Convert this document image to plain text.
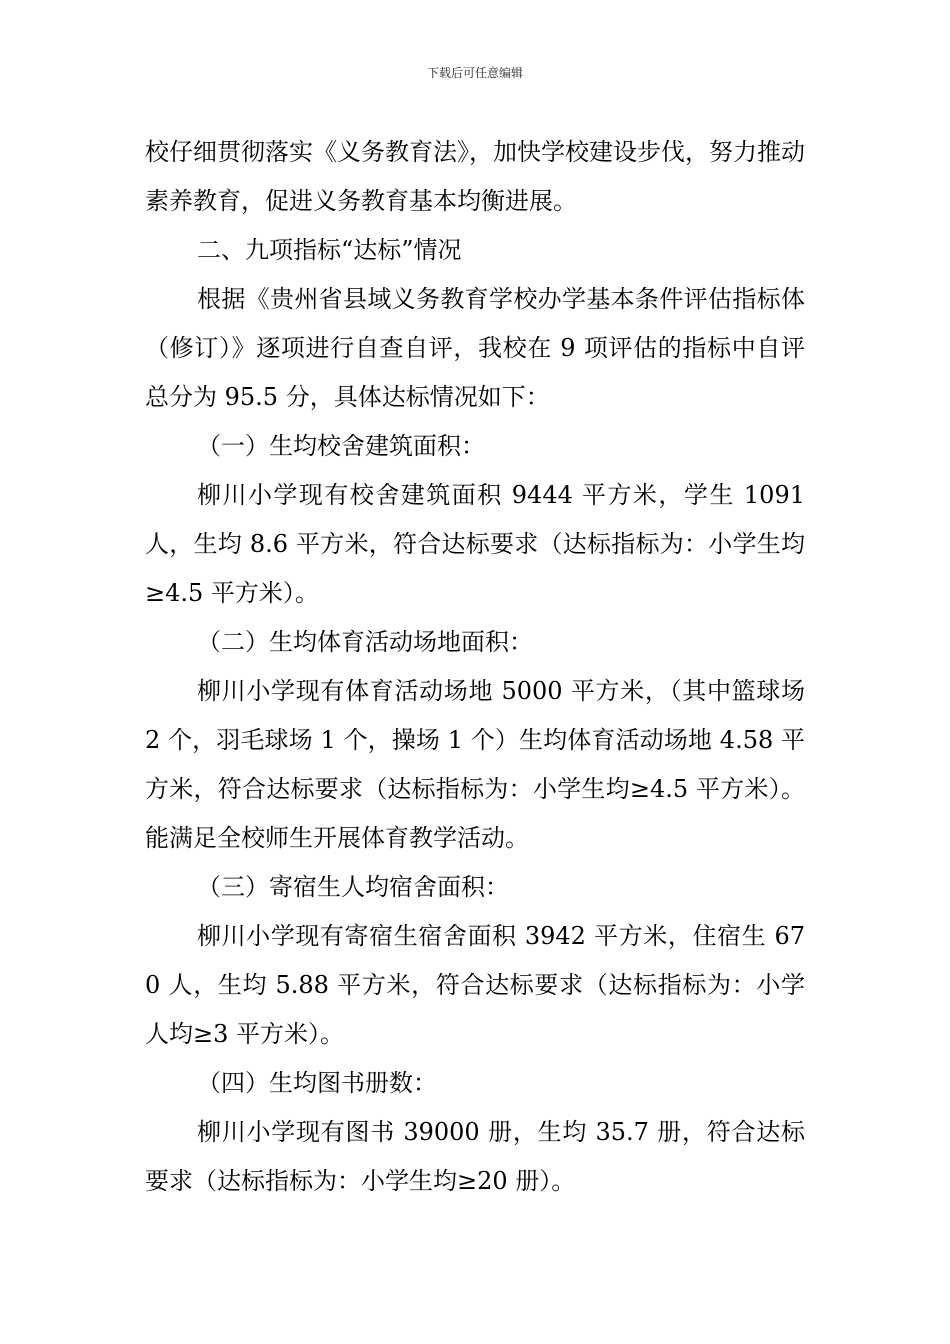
下载后可任意编辑

校仔细贯彻落实《义务教育法》，加快学校建设步伐，努力推动素养教育，促进义务教育基本均衡进展。

二、九项指标“达标”情况

根据《贵州省县域义务教育学校办学基本条件评估指标体（修订）》逐项进行自查自评，我校在 9 项评估的指标中自评总分为 95.5 分，具体达标情况如下：

（一）生均校舍建筑面积：

柳川小学现有校舍建筑面积 9444 平方米，学生 1091 人，生均 8.6 平方米，符合达标要求（达标指标为：小学生均≥4.5 平方米）。

（二）生均体育活动场地面积：

柳川小学现有体育活动场地 5000 平方米，（其中篮球场 2 个，羽毛球场 1 个，操场 1 个）生均体育活动场地 4.58 平方米，符合达标要求（达标指标为：小学生均≥4.5 平方米）。能满足全校师生开展体育教学活动。

（三）寄宿生人均宿舍面积：

柳川小学现有寄宿生宿舍面积 3942 平方米，住宿生 670 人，生均 5.88 平方米，符合达标要求（达标指标为：小学人均≥3 平方米）。

（四）生均图书册数：

柳川小学现有图书 39000 册，生均 35.7 册，符合达标要求（达标指标为：小学生均≥20 册）。
